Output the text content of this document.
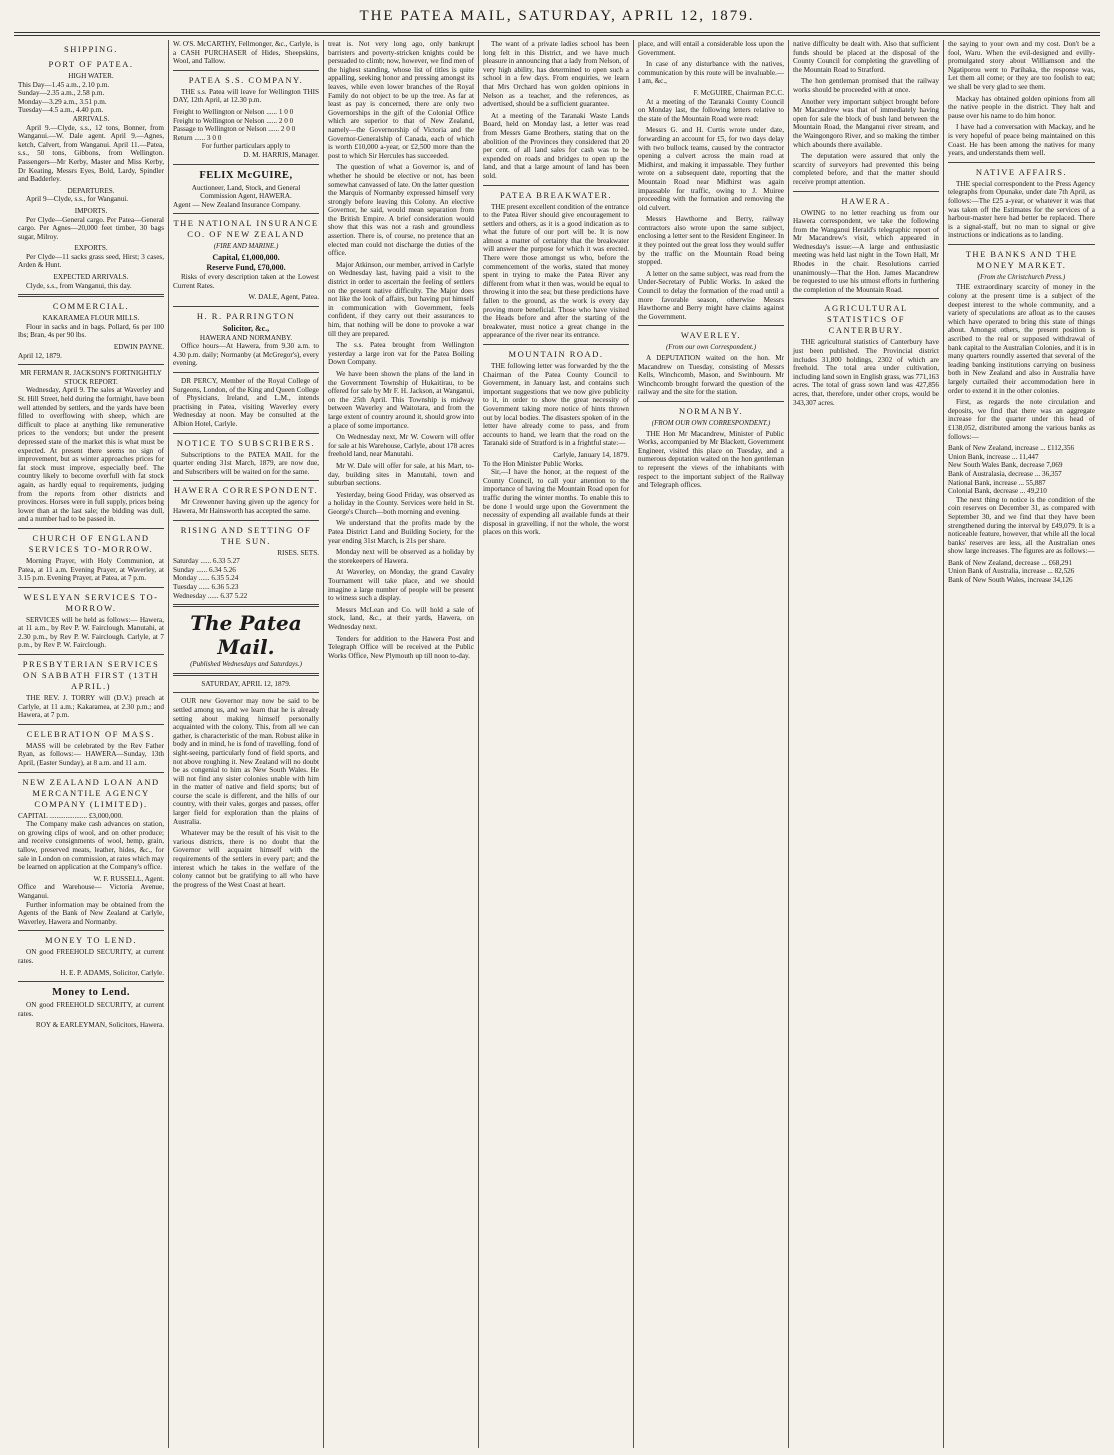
THE PATEA MAIL, SATURDAY, APRIL 12, 1879.
SHIPPING.
PORT OF PATEA.
HIGH WATER.
This Day—1.45 a.m., 2.10 p.m.
Sunday—2.35 a.m., 2.58 p.m.
Monday—3.29 a.m., 3.51 p.m.
Tuesday—4.5 a.m., 4.40 p.m.
ARRIVALS.

April 9.—Clyde, s.s., 12 tons, Bonner, from Wanganui.—W. Dale agent. April 9.—Agnes, ketch, Calvert, from Wanganui. April 11.—Patea, s.s., 50 tons, Gibbons, from Wellington. Passengers—Mr Kerby, Master and Miss Kerby, Dr Keating, Messrs Eyes, Bold, Lardy, Spindler and Badderley.

DEPARTURES.

April 9—Clyde, s.s., for Wanganui.

IMPORTS.

Per Clyde—General cargo. Per Patea—General cargo. Per Agnes—20,000 feet timber, 30 bags sugar, Milroy.

EXPORTS.

Per Clyde—11 sacks grass seed, Hirst; 3 cases, Arden & Hunt.

EXPECTED ARRIVALS.

Clyde, s.s., from Wanganui, this day.

COMMERCIAL.
KAKARAMEA FLOUR MILLS.

Flour in sacks and in bags. Pollard, 6s per 100 lbs; Bran, 4s per 90 lbs.

EDWIN PAYNE.
April 12, 1879.
MR FERMAN R. JACKSON'S FORTNIGHTLY STOCK REPORT.

Wednesday, April 9. The sales at Waverley and St. Hill Street, held during the fortnight, have been well attended by settlers, and the yards have been filled to overflowing with sheep, which are difficult to place at anything like remunerative prices to the vendors; but under the present depressed state of the market this is what must be expected. At present there seems no sign of improvement, but as winter approaches prices for fat stock must improve, especially beef. The country likely to become overfull with fat stock again, as hardly equal to requirements, judging from the reports from other districts and provinces. Horses were in full supply, prices being lower than at the last sale; the bidding was dull, and a number had to be passed in.

CHURCH OF ENGLAND SERVICES TO-MORROW.

Morning Prayer, with Holy Communion, at Patea, at 11 a.m. Evening Prayer, at Waverley, at 3.15 p.m. Evening Prayer, at Patea, at 7 p.m.

WESLEYAN SERVICES TO-MORROW.

SERVICES will be held as follows:— Hawera, at 11 a.m., by Rev P. W. Fairclough. Manutahi, at 2.30 p.m., by Rev P. W. Fairclough. Carlyle, at 7 p.m., by Rev P. W. Fairclough.

PRESBYTERIAN SERVICES ON SABBATH FIRST (13TH APRIL.)

THE REV. J. TORRY will (D.V.) preach at Carlyle, at 11 a.m.; Kakaramea, at 2.30 p.m.; and Hawera, at 7 p.m.

CELEBRATION OF MASS.

MASS will be celebrated by the Rev Father Ryan, as follows:— HAWERA—Sunday, 13th April, (Easter Sunday), at 8 a.m. and 11 a.m.

NEW ZEALAND LOAN AND MERCANTILE AGENCY COMPANY (LIMITED).
CAPITAL ..................... £3,000,000.

The Company make cash advances on station, on growing clips of wool, and on other produce; and receive consignments of wool, hemp, grain, tallow, preserved meats, leather, hides, &c., for sale in London on commission, at rates which may be learned on application at the Company's office.

W. F. RUSSELL, Agent.
Office and Warehouse— Victoria Avenue, Wanganui.

Further information may be obtained from the Agents of the Bank of New Zealand at Carlyle, Waverley, Hawera and Normanby.

MONEY TO LEND.

ON good FREEHOLD SECURITY, at current rates.

H. E. P. ADAMS, Solicitor, Carlyle.
Money to Lend.

ON good FREEHOLD SECURITY, at current rates.

ROY & EARLEYMAN, Solicitors, Hawera.

W. O'S. McCARTHY, Fellmonger, &c., Carlyle, is a CASH PURCHASER of Hides, Sheepskins, Wool, and Tallow.

PATEA S.S. COMPANY.

THE s.s. Patea will leave for Wellington THIS DAY, 12th April, at 12.30 p.m.

Freight to Wellington or Nelson ...... 1 0 0
Freight to Wellington or Nelson ...... 2 0 0
Passage to Wellington or Nelson ...... 2 0 0
Return ...... 3 0 0
For further particulars apply to
D. M. HARRIS, Manager.
FELIX McGUIRE,
Auctioneer, Land, Stock, and General Commission Agent, HAWERA.
Agent — New Zealand Insurance Company.
THE NATIONAL INSURANCE CO. OF NEW ZEALAND
(FIRE AND MARINE.)
Capital, £1,000,000.
Reserve Fund, £70,000.

Risks of every description taken at the Lowest Current Rates.

W. DALE, Agent, Patea.
H. R. PARRINGTON
Solicitor, &c.,
HAWERA AND NORMANBY.

Office hours—At Hawera, from 9.30 a.m. to 4.30 p.m. daily; Normanby (at McGregor's), every evening.

DR PERCY, Member of the Royal College of Surgeons, London, of the King and Queen College of Physicians, Ireland, and L.M., intends practising in Patea, visiting Waverley every Wednesday at noon. May be consulted at the Albion Hotel, Carlyle.

NOTICE TO SUBSCRIBERS.

Subscriptions to the PATEA MAIL for the quarter ending 31st March, 1879, are now due, and Subscribers will be waited on for the same.

HAWERA CORRESPONDENT.

Mr Crewenner having given up the agency for Hawera, Mr Hainsworth has accepted the same.

RISING AND SETTING OF THE SUN.
RISES. SETS.
Saturday ...... 6.33 5.27
Sunday ...... 6.34 5.26
Monday ...... 6.35 5.24
Tuesday ...... 6.36 5.23
Wednesday ...... 6.37 5.22
The Patea Mail.
(Published Wednesdays and Saturdays.)
SATURDAY, APRIL 12, 1879.

OUR new Governor may now be said to be settled among us, and we learn that he is already setting about making himself personally acquainted with the colony. This, from all we can gather, is characteristic of the man. Robust alike in body and in mind, he is fond of travelling, fond of sight-seeing, particularly fond of field sports, and not above roughing it. New Zealand will no doubt be as congenial to him as New South Wales. He will not find any sister colonies unable with him in the matter of native and field sports; but of course the scale is different, and the hills of our country, with their vales, gorges and passes, offer larger field for exploration than the plains of Australia.

Whatever may be the result of his visit to the various districts, there is no doubt that the Governor will acquaint himself with the requirements of the settlers in every part; and the interest which he takes in the welfare of the colony cannot but be gratifying to all who have the progress of the West Coast at heart.

treat is. Not very long ago, only bankrupt barristers and poverty-stricken knights could be persuaded to climb; now, however, we find men of the highest standing, whose list of titles is quite appalling, seeking honor and pressing amongst its leaves, while even lower branches of the Royal Family do not object to be up the tree. As far at least as pay is concerned, there are only two Governorships in the gift of the Colonial Office which are superior to that of New Zealand, namely—the Governorship of Victoria and the Governor-Generalship of Canada, each of which is worth £10,000 a-year, or £2,500 more than the post to which Sir Hercules has succeeded.

The question of what a Governor is, and of whether he should be elective or not, has been somewhat canvassed of late. On the latter question the Marquis of Normanby expressed himself very strongly before leaving this Colony. An elective Governor, he said, would mean separation from the British Empire. A brief consideration would show that this was not a rash and groundless assertion. There is, of course, no pretence that an elected man could not discharge the duties of the office.

Major Atkinson, our member, arrived in Carlyle on Wednesday last, having paid a visit to the district in order to ascertain the feeling of settlers on the present native difficulty. The Major does not like the look of affairs, but having put himself in communication with Government, feels confident, if they carry out their assurances to him, that nothing will be done to provoke a war till they are prepared.

The s.s. Patea brought from Wellington yesterday a large iron vat for the Patea Boiling Down Company.

We have been shown the plans of the land in the Government Township of Hukaitirau, to be offered for sale by Mr F. H. Jackson, at Wanganui, on the 25th April. This Township is midway between Waverley and Waitotara, and from the large extent of country around it, should grow into a place of some importance.

On Wednesday next, Mr W. Cowern will offer for sale at his Warehouse, Carlyle, about 178 acres freehold land, near Manutahi.

Mr W. Dale will offer for sale, at his Mart, to-day, building sites in Manutahi, town and suburban sections.

Yesterday, being Good Friday, was observed as a holiday in the County. Services were held in St. George's Church—both morning and evening.

We understand that the profits made by the Patea District Land and Building Society, for the year ending 31st March, is 21s per share.

Monday next will be observed as a holiday by the storekeepers of Hawera.

At Waverley, on Monday, the grand Cavalry Tournament will take place, and we should imagine a large number of people will be present to witness such a display.

Messrs McLean and Co. will hold a sale of stock, land, &c., at their yards, Hawera, on Wednesday next.

Tenders for addition to the Hawera Post and Telegraph Office will be received at the Public Works Office, New Plymouth up till noon to-day.

The want of a private ladies school has been long felt in this District, and we have much pleasure in announcing that a lady from Nelson, of very high ability, has determined to open such a school in a few days. From enquiries, we learn that Mrs Orchard has won golden opinions in Nelson as a teacher, and the references, as advertised, should be a sufficient guarantee.

At a meeting of the Taranaki Waste Lands Board, held on Monday last, a letter was read from Messrs Game Brothers, stating that on the abolition of the Provinces they considered that 20 per cent. of all land sales for cash was to be expended on roads and bridges to open up the land, and that a large amount of land has been sold.

PATEA BREAKWATER.

THE present excellent condition of the entrance to the Patea River should give encouragement to settlers and others, as it is a good indication as to what the future of our port will be. It is now almost a matter of certainty that the breakwater will answer the purpose for which it was erected. There were those amongst us who, before the commencement of the works, stated that money spent in trying to make the Patea River any different from what it then was, would be equal to throwing it into the sea; but these predictions have fallen to the ground, as the work is every day proving more beneficial. Those who have visited the Heads before and after the starting of the breakwater, must notice a great change in the appearance of the river near its entrance.

MOUNTAIN ROAD.

THE following letter was forwarded by the the Chairman of the Patea County Council to Government, in January last, and contains such important suggestions that we now give publicity to it, in order to show the great necessity of Government taking more notice of hints thrown out by local bodies. The disasters spoken of in the letter have already come to pass, and from accounts to hand, we learn that the road on the Taranaki side of Stratford is in a frightful state:—

Carlyle, January 14, 1879.
To the Hon Minister Public Works.

Sir,—I have the honor, at the request of the County Council, to call your attention to the importance of having the Mountain Road open for traffic during the winter months. To enable this to be done I would urge upon the Government the necessity of expending all available funds at their disposal in gravelling, if not the whole, the worst places on this work.

place, and will entail a considerable loss upon the Government.

In case of any disturbance with the natives, communication by this route will be invaluable.—I am, &c.,

F. McGUIRE, Chairman P.C.C.

At a meeting of the Taranaki County Council on Monday last, the following letters relative to the state of the Mountain Road were read:

Messrs G. and H. Curtis wrote under date, forwarding an account for £5, for two days delay with two bullock teams, caused by the contractor opening a culvert across the main road at Midhirst, and making it impassable. They further wrote on a subsequent date, reporting that the Mountain Road near Midhirst was again impassable for traffic, owing to J. Muiree proceeding with the formation and removing the old culvert.

Messrs Hawthorne and Berry, railway contractors also wrote upon the same subject, enclosing a letter sent to the Resident Engineer. In it they pointed out the great loss they would suffer by the traffic on the Mountain Road being stopped.

A letter on the same subject, was read from the Under-Secretary of Public Works. In asked the Council to delay the formation of the road until a more favorable season, otherwise Messrs Hawthorne and Berry might have claims against the Government.

WAVERLEY.
(From our own Correspondent.)

A DEPUTATION waited on the hon. Mr Macandrew on Tuesday, consisting of Messrs Kells, Winchcomb, Mason, and Swinbourn. Mr Winchcomb brought forward the question of the railway and the site for the station.

NORMANBY.
(FROM OUR OWN CORRESPONDENT.)

THE Hon Mr Macandrew, Minister of Public Works, accompanied by Mr Blackett, Government Engineer, visited this place on Tuesday, and a numerous deputation waited on the hon gentleman to represent the views of the inhabitants with respect to the important subject of the Railway and Telegraph offices.

native difficulty be dealt with. Also that sufficient funds should be placed at the disposal of the County Council for completing the gravelling of the Mountain Road to Stratford.

The hon gentleman promised that the railway works should be proceeded with at once.

Another very important subject brought before Mr Macandrew was that of immediately having open for sale the block of bush land between the Mountain Road, the Manganui river stream, and the Waingongoro River, and so making the timber which abounds there available.

The deputation were assured that only the scarcity of surveyors had prevented this being completed before, and that the matter should receive prompt attention.

HAWERA.

OWING to no letter reaching us from our Hawera correspondent, we take the following from the Wanganui Herald's telegraphic report of Mr Macandrew's visit, which appeared in Wednesday's issue:—A large and enthusiastic meeting was held last night in the Town Hall, Mr Rhodes in the chair. Resolutions carried unanimously—That the Hon. James Macandrew be requested to use his utmost efforts in furthering the completion of the Mountain Road.

AGRICULTURAL STATISTICS OF CANTERBURY.

THE agricultural statistics of Canterbury have just been published. The Provincial district includes 31,800 holdings, 2302 of which are freehold. The total area under cultivation, including land sown in English grass, was 771,163 acres. The total of grass sown land was 427,856 acres, that, therefore, under other crops, would be 343,307 acres.

the saying to your own and my cost. Don't be a fool, Waru. When the evil-designed and evilly-promulgated story about Williamson and the Ngatiporou went to Parihaka, the response was, Let them all come; or they are too foolish to eat; we shall be very glad to see them.

Mackay has obtained golden opinions from all the native people in the district. They halt and pause over his name to do him honor.

I have had a conversation with Mackay, and he is very hopeful of peace being maintained on this Coast. He has been among the natives for many years, and understands them well.

NATIVE AFFAIRS.

THE special correspondent to the Press Agency telegraphs from Opunake, under date 7th April, as follows:—The £25 a-year, or whatever it was that was taken off the Estimates for the services of a harbour-master here had better be replaced. There is a signal-staff, but no man to signal or give instructions or indications as to landing.

THE BANKS AND THE MONEY MARKET.
(From the Christchurch Press.)

THE extraordinary scarcity of money in the colony at the present time is a subject of the deepest interest to the whole community, and a variety of speculations are afloat as to the causes which have operated to bring this state of things about. Amongst others, the present position is ascribed to the real or supposed withdrawal of bank capital to the Australian Colonies, and it is in many quarters roundly asserted that several of the leading banking institutions carrying on business both in New Zealand and also in Australia have largely curtailed their accommodation here in order to extend it in the other colonies.

First, as regards the note circulation and deposits, we find that there was an aggregate increase for the quarter under this head of £138,052, distributed among the various banks as follows:—

Bank of New Zealand, increase ... £112,356
Union Bank, increase ... 11,447
New South Wales Bank, decrease 7,069
Bank of Australasia, decrease ... 36,357
National Bank, increase ... 55,887
Colonial Bank, decrease ... 49,210

The next thing to notice is the condition of the coin reserves on December 31, as compared with September 30, and we find that they have been strengthened during the interval by £49,079. It is a noticeable feature, however, that while all the local banks' reserves are less, all the Australian ones show large increases. The figures are as follows:—

Bank of New Zealand, decrease ... £68,291
Union Bank of Australia, increase ... 82,526
Bank of New South Wales, increase 34,126
